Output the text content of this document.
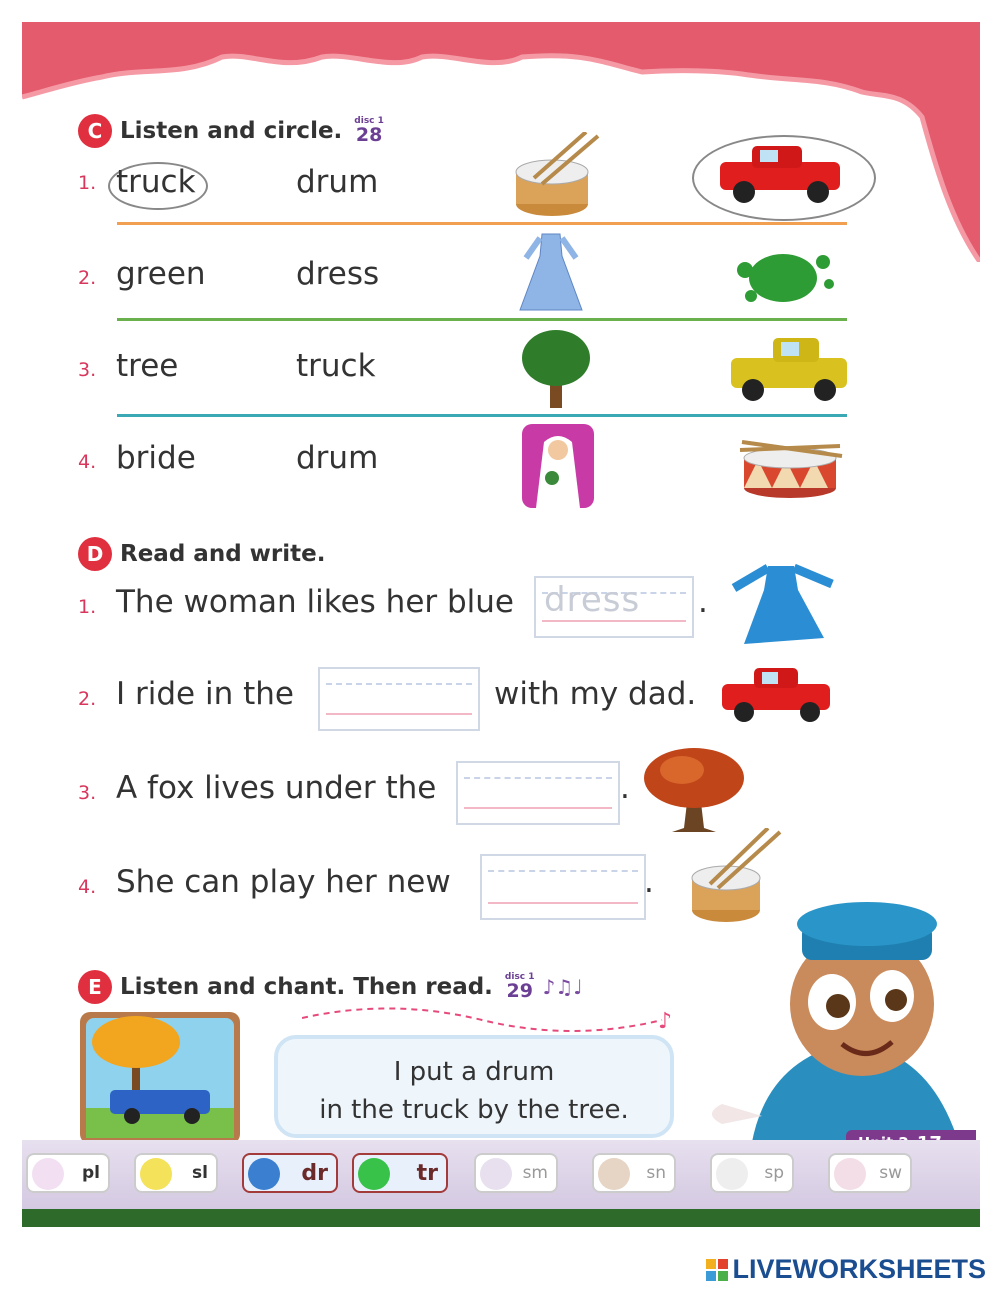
C Listen and circle. disc 1
28
1. truck	drum
2. green	dress
3. tree	truck
4. bride	drum
D Read and write.
1. The woman likes her blue dress .
2. I ride in the	with my dad.
3. A fox lives under the	.
4. She can play her new	.
E Listen and chant. Then read. disc 1
29 ♪♫♩
♪
I put a drum
in the truck by the tree.
pl	sl	dr	tr	sm	sn	sp	sw
LIVEWORKSHEETS
